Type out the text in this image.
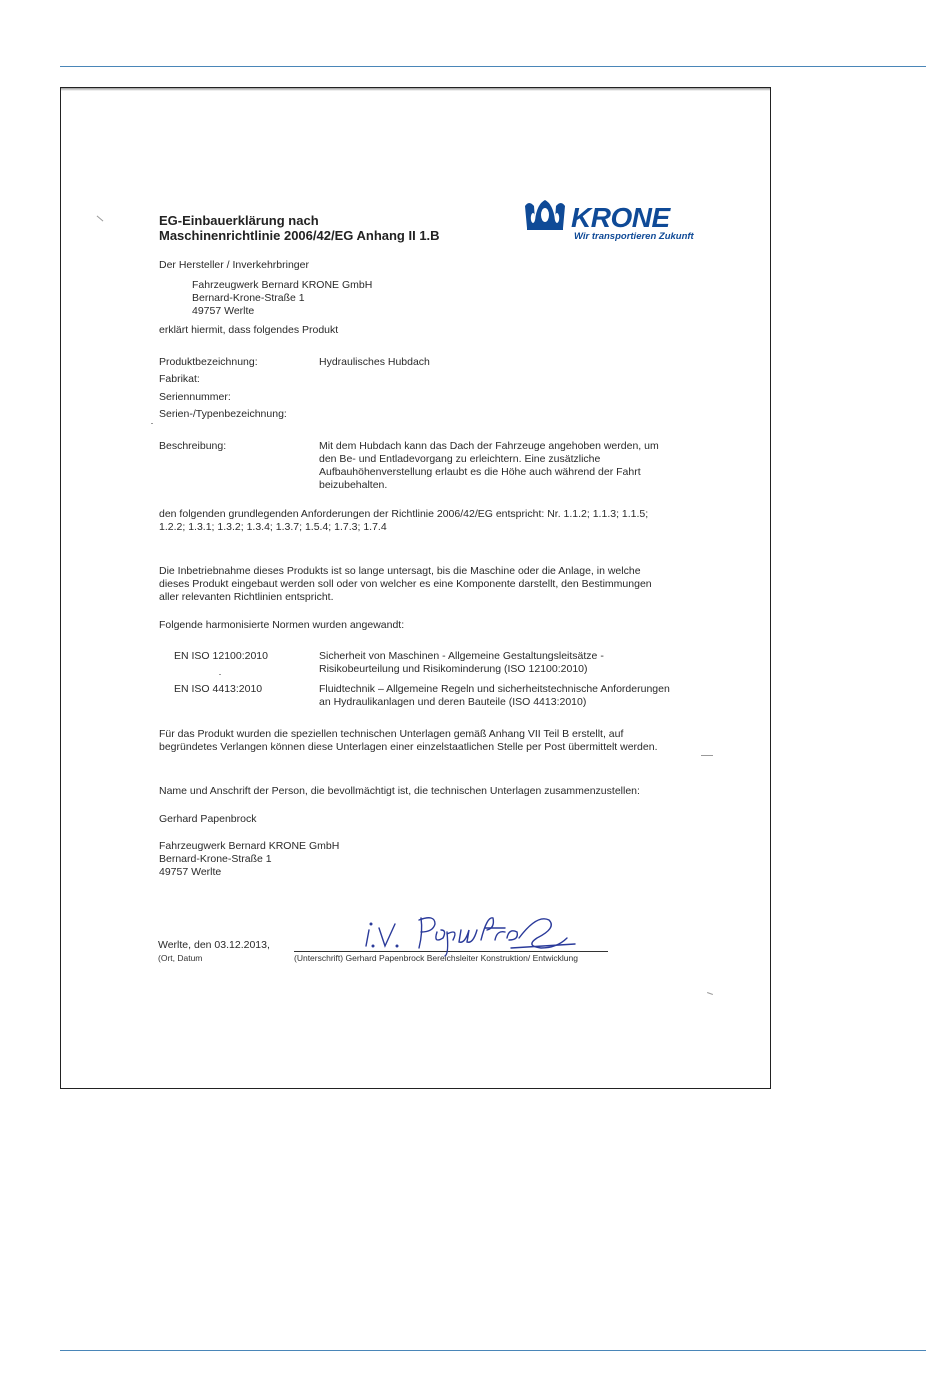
EG-Einbauerklärung nach
Maschinenrichtlinie 2006/42/EG Anhang II 1.B
KRONE
Wir transportieren Zukunft
Der Hersteller / Inverkehrbringer
Fahrzeugwerk Bernard KRONE GmbH
Bernard-Krone-Straße 1
49757 Werlte
erklärt hiermit, dass folgendes Produkt
Produktbezeichnung:	Hydraulisches Hubdach
Fabrikat:
Seriennummer:
Serien-/Typenbezeichnung:
Beschreibung:	Mit dem Hubdach kann das Dach der Fahrzeuge angehoben werden, um
den Be- und Entladevorgang zu erleichtern. Eine zusätzliche
Aufbauhöhenverstellung erlaubt es die Höhe auch während der Fahrt
beizubehalten.
den folgenden grundlegenden Anforderungen der Richtlinie 2006/42/EG entspricht: Nr. 1.1.2; 1.1.3; 1.1.5;
1.2.2; 1.3.1; 1.3.2; 1.3.4; 1.3.7; 1.5.4; 1.7.3; 1.7.4
Die Inbetriebnahme dieses Produkts ist so lange untersagt, bis die Maschine oder die Anlage, in welche
dieses Produkt eingebaut werden soll oder von welcher es eine Komponente darstellt, den Bestimmungen
aller relevanten Richtlinien entspricht.
Folgende harmonisierte Normen wurden angewandt:
EN ISO 12100:2010	Sicherheit von Maschinen - Allgemeine Gestaltungsleitsätze -
Risikobeurteilung und Risikominderung (ISO 12100:2010)
EN ISO 4413:2010	Fluidtechnik – Allgemeine Regeln und sicherheitstechnische Anforderungen
an Hydraulikanlagen und deren Bauteile (ISO 4413:2010)
Für das Produkt wurden die speziellen technischen Unterlagen gemäß Anhang VII Teil B erstellt, auf
begründetes Verlangen können diese Unterlagen einer einzelstaatlichen Stelle per Post übermittelt werden.
Name und Anschrift der Person, die bevollmächtigt ist, die technischen Unterlagen zusammenzustellen:
Gerhard Papenbrock
Fahrzeugwerk Bernard KRONE GmbH
Bernard-Krone-Straße 1
49757 Werlte
Werlte, den 03.12.2013,
(Ort, Datum	(Unterschrift) Gerhard Papenbrock Bereichsleiter Konstruktion/ Entwicklung
